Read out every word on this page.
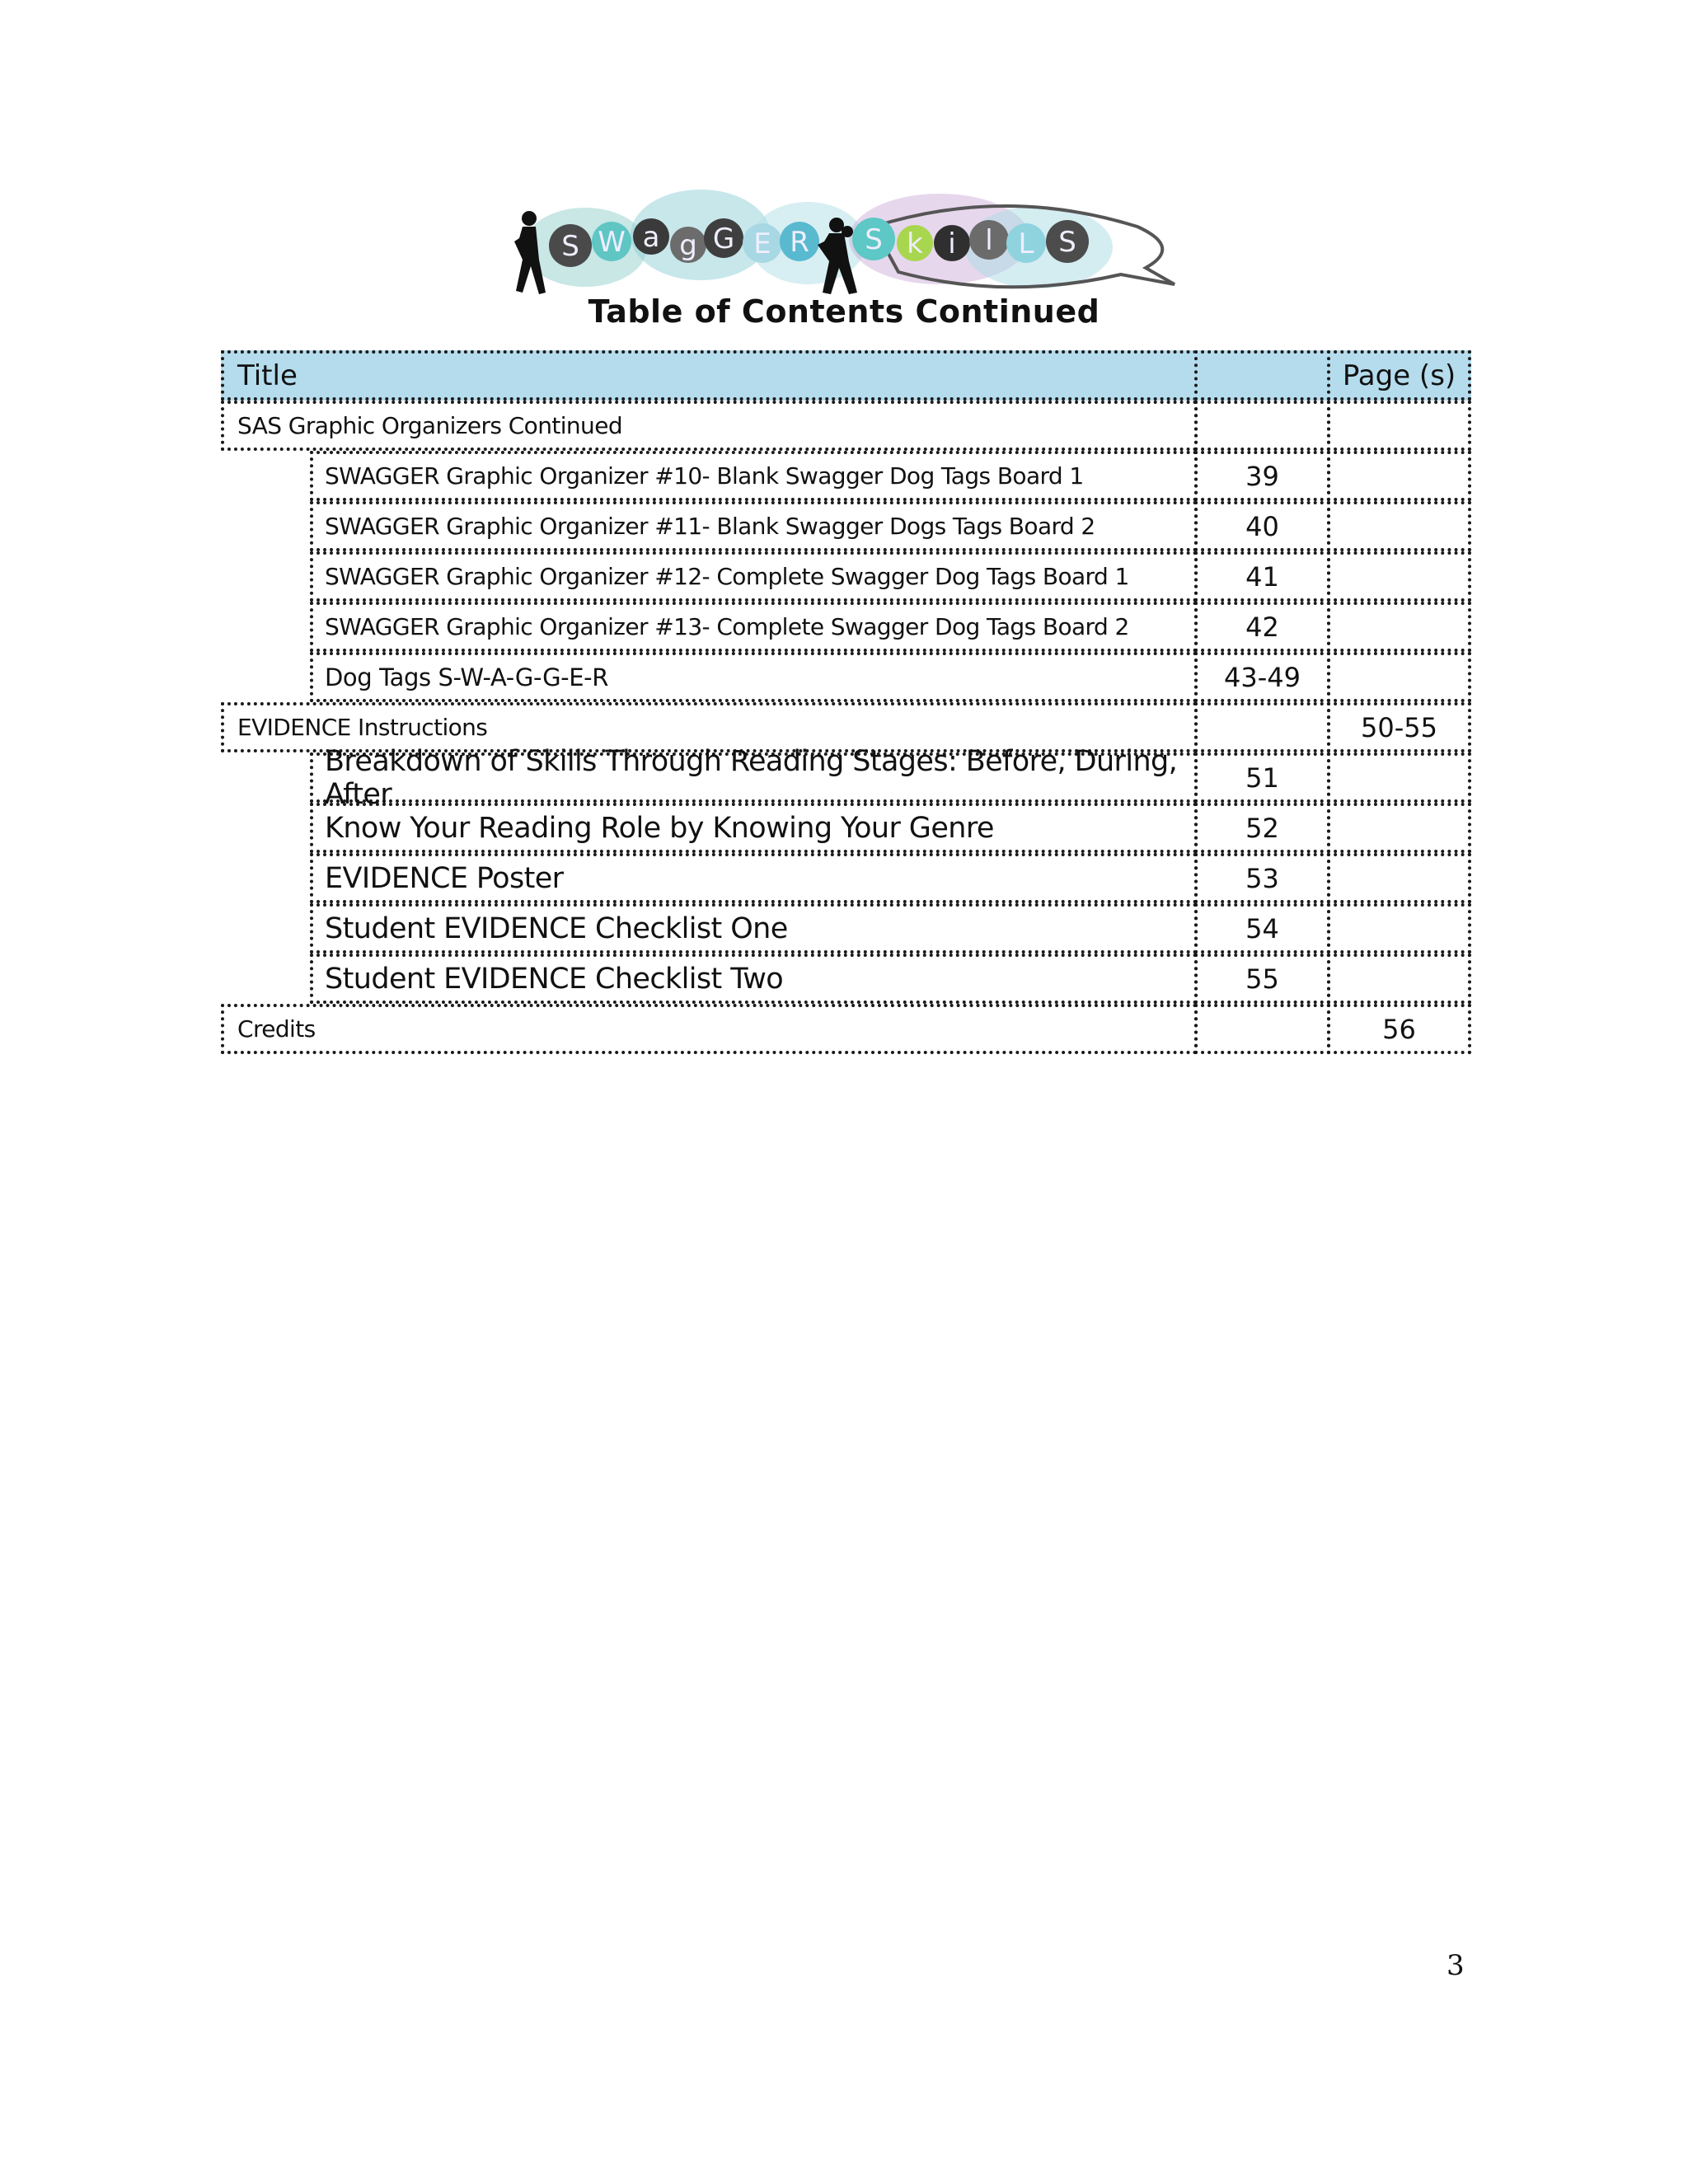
S W a g G E R S k i l L S
Table of Contents Continued
Title	Page (s)
SAS Graphic Organizers Continued
SWAGGER Graphic Organizer #10- Blank Swagger Dog Tags Board 1	39
SWAGGER Graphic Organizer #11- Blank Swagger Dogs Tags Board 2	40
SWAGGER Graphic Organizer #12- Complete Swagger Dog Tags Board 1	41
SWAGGER Graphic Organizer #13- Complete Swagger Dog Tags Board 2	42
Dog Tags S-W-A-G-G-E-R	43-49
EVIDENCE Instructions	50-55
Breakdown of Skills Through Reading Stages: Before, During, After	51
Know Your Reading Role by Knowing Your Genre	52
EVIDENCE Poster	53
Student EVIDENCE Checklist One	54
Student EVIDENCE Checklist Two	55
Credits	56
3
